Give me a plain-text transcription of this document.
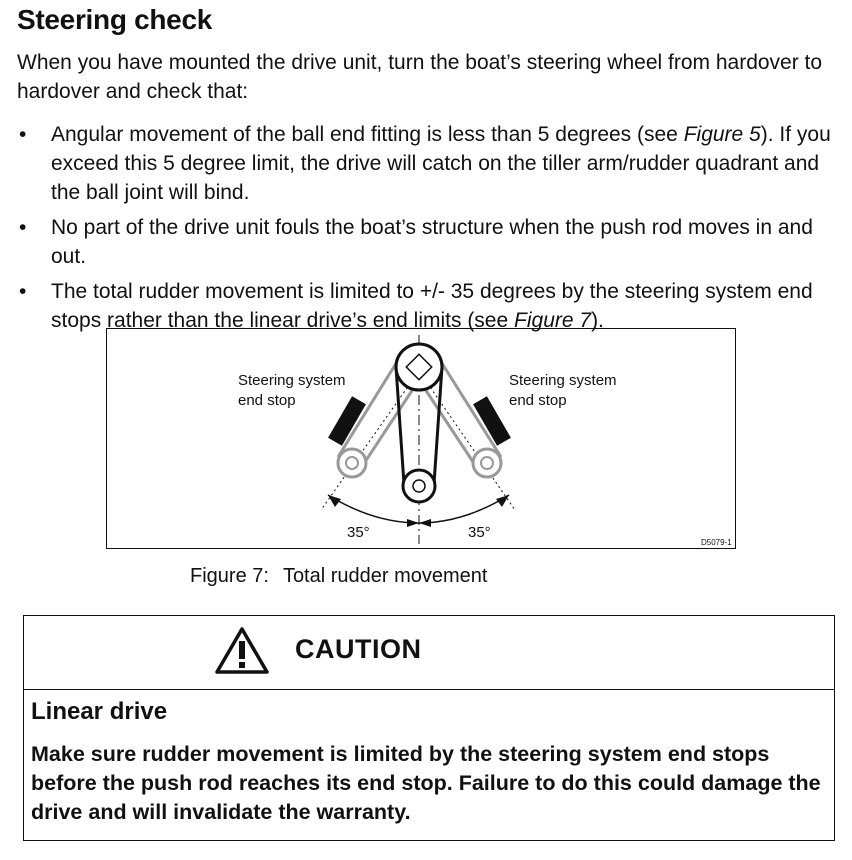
Steering check

When you have mounted the drive unit, turn the boat’s steering wheel from hardover to hardover and check that:

• Angular movement of the ball end fitting is less than 5 degrees (see Figure 5). If you exceed this 5 degree limit, the drive will catch on the tiller arm/rudder quadrant and the ball joint will bind.
• No part of the drive unit fouls the boat’s structure when the push rod moves in and out.
• The total rudder movement is limited to +/- 35 degrees by the steering system end stops rather than the linear drive’s end limits (see Figure 7).
Steering system
end stop
Steering system
end stop
35°	35°
D5079-1

Figure 7: Total rudder movement

CAUTION

Linear drive

Make sure rudder movement is limited by the steering system end stops before the push rod reaches its end stop. Failure to do this could damage the drive and will invalidate the warranty.
